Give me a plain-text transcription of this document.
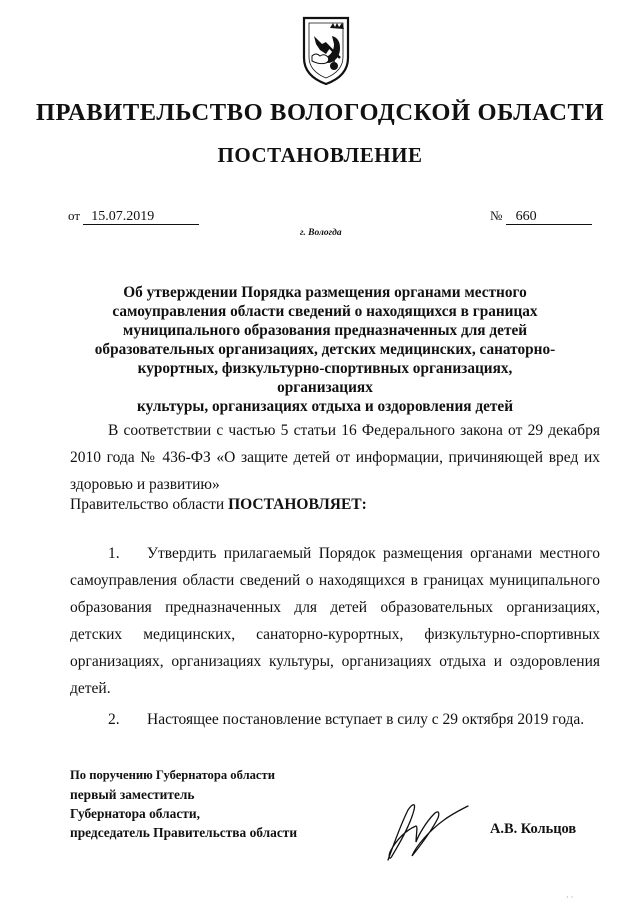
ПРАВИТЕЛЬСТВО ВОЛОГОДСКОЙ ОБЛАСТИ
ПОСТАНОВЛЕНИЕ
от 15.07.2019	№ 660
г. Вологда
Об утверждении Порядка размещения органами местного
самоуправления области сведений о находящихся в границах
муниципального образования предназначенных для детей
образовательных организациях, детских медицинских, санаторно-
курортных, физкультурно-спортивных организациях, организациях
культуры, организациях отдыха и оздоровления детей
В соответствии с частью 5 статьи 16 Федерального закона от 29 декабря 2010 года № 436-ФЗ «О защите детей от информации, причиняющей вред их здоровью и развитию»
Правительство области ПОСТАНОВЛЯЕТ:
1. Утвердить прилагаемый Порядок размещения органами местного самоуправления области сведений о находящихся в границах муниципального образования предназначенных для детей образовательных организациях, детских медицинских, санаторно-курортных, физкультурно-спортивных организациях, организациях культуры, организациях отдыха и оздоровления детей.
2. Настоящее постановление вступает в силу с 29 октября 2019 года.
По поручению Губернатора области
первый заместитель
Губернатора области,
председатель Правительства области	А.В. Кольцов
· ·
